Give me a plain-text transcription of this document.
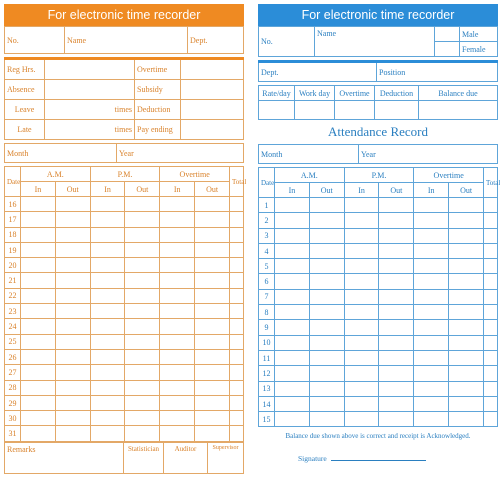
For electronic time recorder
No.	Name	Dept.
Reg Hrs.		Overtime	
Absence		Subsidy	
Leave	times	Deduction	
Late	times	Pay ending	
Month	Year
Date	A.M.		P.M.		Overtime		Total
	In	Out	In	Out	In	Out	
16							
17							
18							
19							
20							
21							
22							
23							
24							
25							
26							
27							
28							
29							
30							
31							
Remarks	Statistician	Auditor	Supervisor
For electronic time recorder
No.	Name		Male
			Female
Dept.	Position
Rate/day	Work day	Overtime	Deduction	Balance due

Attendance Record
Month	Year
Date	A.M.		P.M.		Overtime		Total
	In	Out	In	Out	In	Out	
1							
2							
3							
4							
5							
6							
7							
8							
9							
10							
11							
12							
13							
14							
15							
Balance due shown above is correct and receipt is Acknowledged.
Signature
